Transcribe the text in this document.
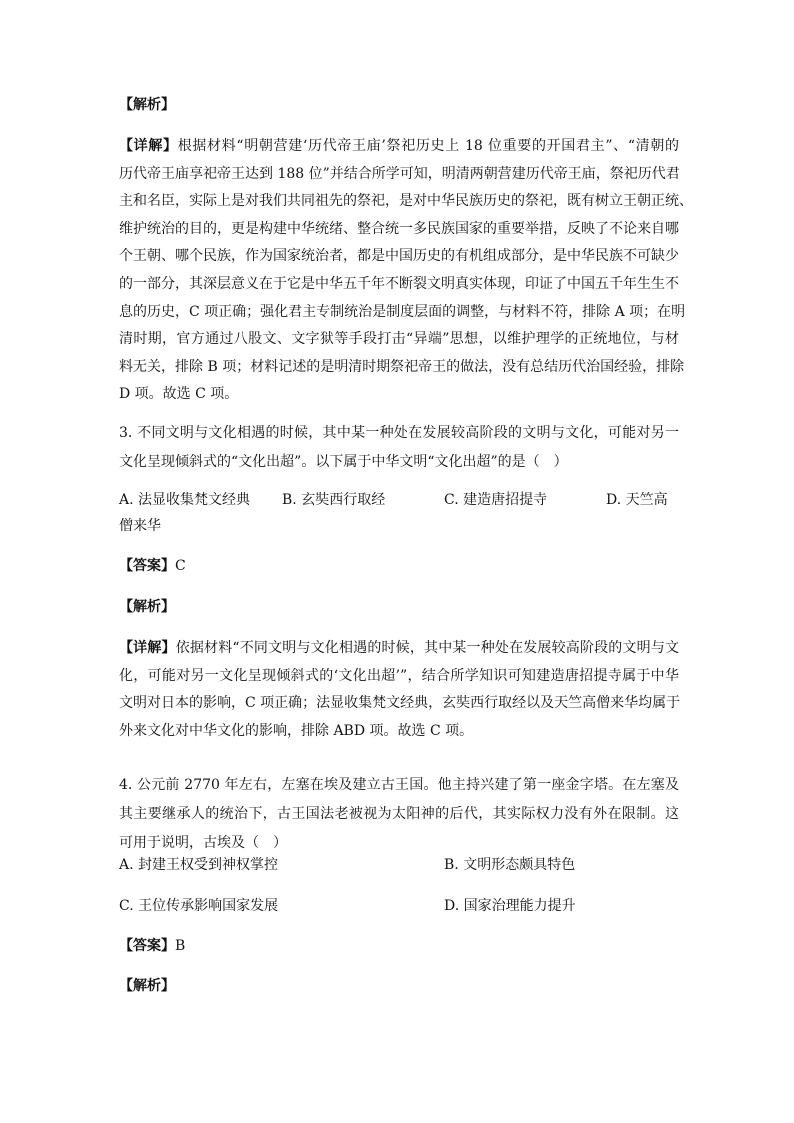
【解析】
【详解】根据材料“明朝营建‘历代帝王庙’祭祀历史上 18 位重要的开国君主”、“清朝的
历代帝王庙享祀帝王达到 188 位”并结合所学可知，明清两朝营建历代帝王庙，祭祀历代君
主和名臣，实际上是对我们共同祖先的祭祀，是对中华民族历史的祭祀，既有树立王朝正统、
维护统治的目的，更是构建中华统绪、整合统一多民族国家的重要举措，反映了不论来自哪
个王朝、哪个民族，作为国家统治者，都是中国历史的有机组成部分，是中华民族不可缺少
的一部分，其深层意义在于它是中华五千年不断裂文明真实体现，印证了中国五千年生生不
息的历史，C 项正确；强化君主专制统治是制度层面的调整，与材料不符，排除 A 项；在明
清时期，官方通过八股文、文字狱等手段打击“异端”思想，以维护理学的正统地位，与材
料无关，排除 B 项；材料记述的是明清时期祭祀帝王的做法，没有总结历代治国经验，排除
D 项。故选 C 项。
3. 不同文明与文化相遇的时候，其中某一种处在发展较高阶段的文明与文化，可能对另一
文化呈现倾斜式的“文化出超”。以下属于中华文明“文化出超”的是（　）
A. 法显收集梵文经典 B. 玄奘西行取经	C. 建造唐招提寺	D. 天竺高
僧来华
【答案】C
【解析】
【详解】依据材料“不同文明与文化相遇的时候，其中某一种处在发展较高阶段的文明与文
化，可能对另一文化呈现倾斜式的‘文化出超’”，结合所学知识可知建造唐招提寺属于中华
文明对日本的影响，C 项正确；法显收集梵文经典，玄奘西行取经以及天竺高僧来华均属于
外来文化对中华文化的影响，排除 ABD 项。故选 C 项。
4. 公元前 2770 年左右，左塞在埃及建立古王国。他主持兴建了第一座金字塔。在左塞及
其主要继承人的统治下，古王国法老被视为太阳神的后代，其实际权力没有外在限制。这
可用于说明，古埃及（　）
A. 封建王权受到神权掌控	B. 文明形态颇具特色
C. 王位传承影响国家发展	D. 国家治理能力提升
【答案】B
【解析】
